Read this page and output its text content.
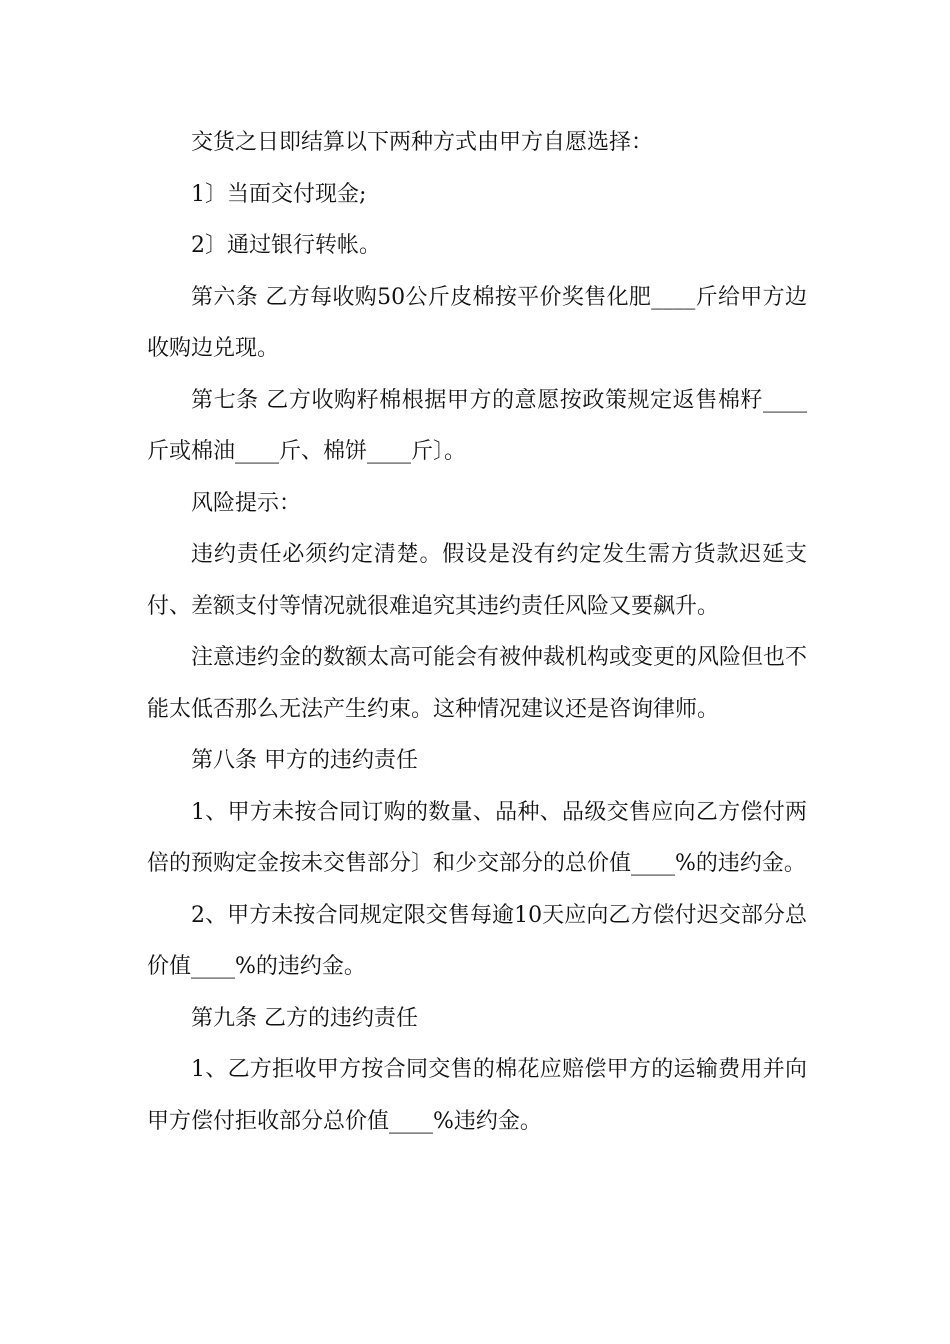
交货之日即结算以下两种方式由甲方自愿选择：

1〕当面交付现金;

2〕通过银行转帐。

第六条 乙方每收购50公斤皮棉按平价奖售化肥____斤给甲方边收购边兑现。

第七条 乙方收购籽棉根据甲方的意愿按政策规定返售棉籽____斤或棉油____斤、棉饼____斤〕。

风险提示：

违约责任必须约定清楚。假设是没有约定发生需方货款迟延支付、差额支付等情况就很难追究其违约责任风险又要飙升。

注意违约金的数额太高可能会有被仲裁机构或变更的风险但也不能太低否那么无法产生约束。这种情况建议还是咨询律师。

第八条 甲方的违约责任

1、甲方未按合同订购的数量、品种、品级交售应向乙方偿付两倍的预购定金按未交售部分〕和少交部分的总价值____%的违约金。

2、甲方未按合同规定限交售每逾10天应向乙方偿付迟交部分总价值____%的违约金。

第九条 乙方的违约责任

1、乙方拒收甲方按合同交售的棉花应赔偿甲方的运输费用并向甲方偿付拒收部分总价值____%违约金。
